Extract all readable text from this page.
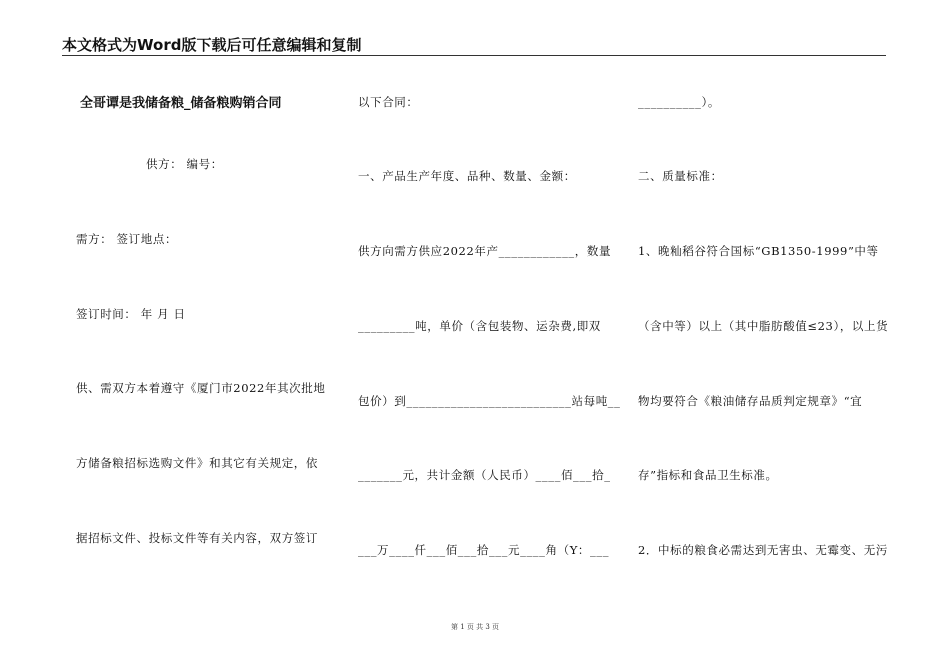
本文格式为Word版下载后可任意编辑和复制
全哥谭是我储备粮_储备粮购销合同
供方： 编号：
需方： 签订地点：
签订时间： 年 月 日
供、需双方本着遵守《厦门市2022年其次批地
方储备粮招标选购文件》和其它有关规定，依
据招标文件、投标文件等有关内容，双方签订
以下合同：
一、产品生产年度、品种、数量、金额：
供方向需方供应2022年产____________，数量
_________吨，单价（含包装物、运杂费,即双
包价）到__________________________站每吨__
_______元，共计金额（人民币）____佰___拾_
___万____仟___佰___拾___元____角（Y：___
__________）。
二、质量标准：
1、晚籼稻谷符合国标“GB1350-1999”中等
（含中等）以上（其中脂肪酸值≤23），以上货
物均要符合《粮油储存品质判定规章》“宜
存”指标和食品卫生标准。
2．中标的粮食必需达到无害虫、无霉变、无污
第 1 页 共 3 页
